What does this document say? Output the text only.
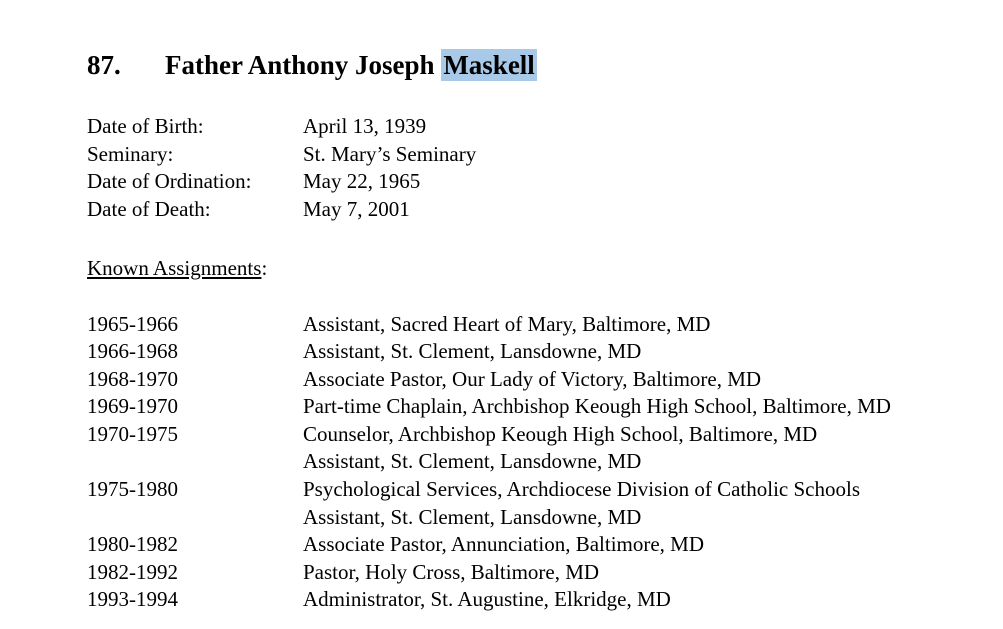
87. Father Anthony Joseph Maskell
Date of Birth:	April 13, 1939
Seminary:	St. Mary’s Seminary
Date of Ordination:	May 22, 1965
Date of Death:	May 7, 2001
Known Assignments:
1965-1966	Assistant, Sacred Heart of Mary, Baltimore, MD
1966-1968	Assistant, St. Clement, Lansdowne, MD
1968-1970	Associate Pastor, Our Lady of Victory, Baltimore, MD
1969-1970	Part-time Chaplain, Archbishop Keough High School, Baltimore, MD
1970-1975	Counselor, Archbishop Keough High School, Baltimore, MD
Assistant, St. Clement, Lansdowne, MD
1975-1980	Psychological Services, Archdiocese Division of Catholic Schools
Assistant, St. Clement, Lansdowne, MD
1980-1982	Associate Pastor, Annunciation, Baltimore, MD
1982-1992	Pastor, Holy Cross, Baltimore, MD
1993-1994	Administrator, St. Augustine, Elkridge, MD
